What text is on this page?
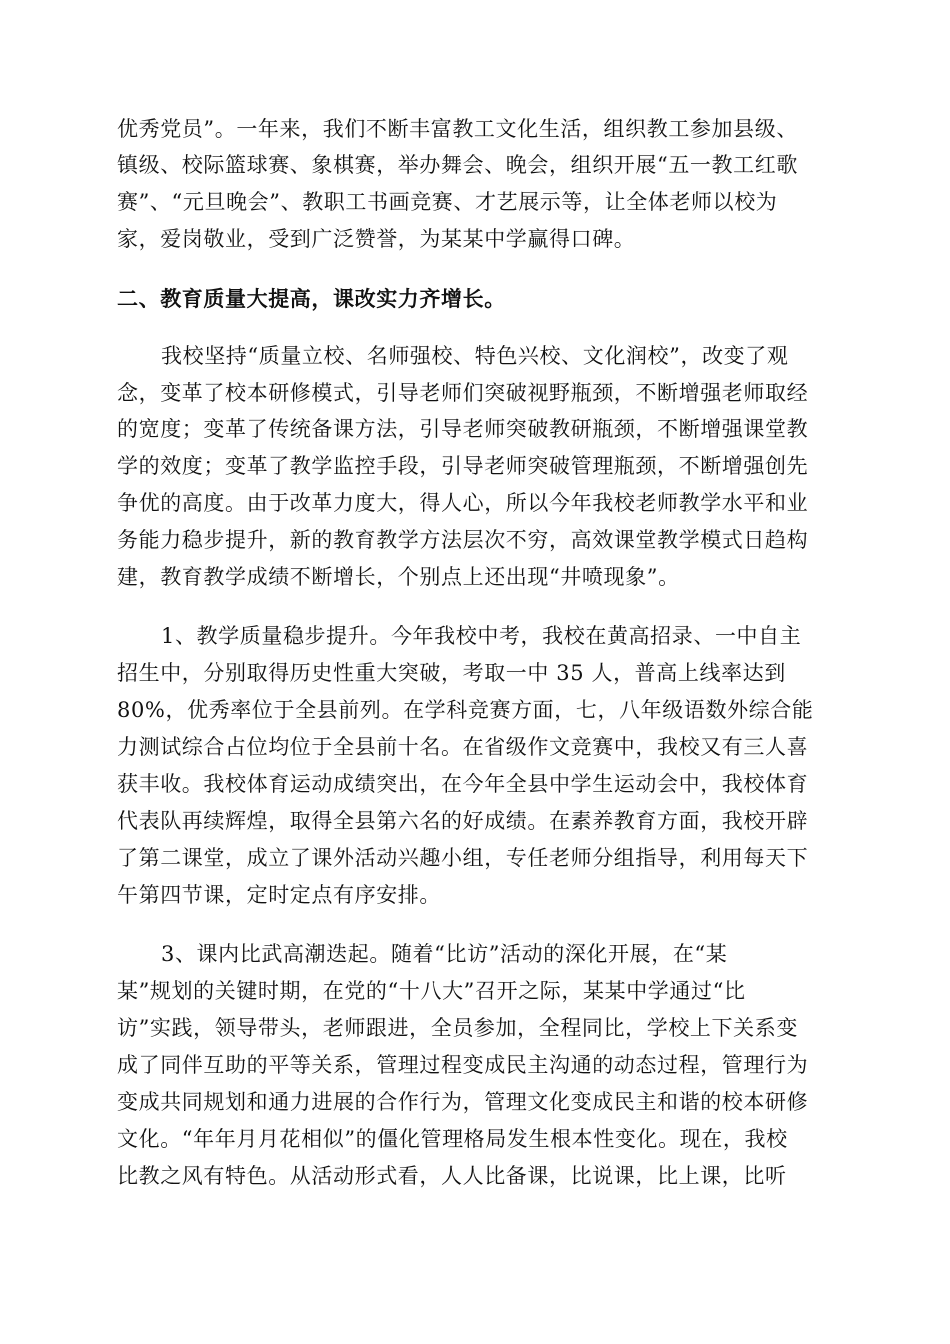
优秀党员”。一年来，我们不断丰富教工文化生活，组织教工参加县级、
镇级、校际篮球赛、象棋赛，举办舞会、晚会，组织开展“五一教工红歌
赛”、“元旦晚会”、教职工书画竞赛、才艺展示等，让全体老师以校为
家，爱岗敬业，受到广泛赞誉，为某某中学赢得口碑。
二、教育质量大提高，课改实力齐增长。
我校坚持“质量立校、名师强校、特色兴校、文化润校”，改变了观
念，变革了校本研修模式，引导老师们突破视野瓶颈，不断增强老师取经
的宽度；变革了传统备课方法，引导老师突破教研瓶颈，不断增强课堂教
学的效度；变革了教学监控手段，引导老师突破管理瓶颈，不断增强创先
争优的高度。由于改革力度大，得人心，所以今年我校老师教学水平和业
务能力稳步提升，新的教育教学方法层次不穷，高效课堂教学模式日趋构
建，教育教学成绩不断增长，个别点上还出现“井喷现象”。
1、教学质量稳步提升。今年我校中考，我校在黄高招录、一中自主
招生中，分别取得历史性重大突破，考取一中 35 人，普高上线率达到
80%，优秀率位于全县前列。在学科竞赛方面，七，八年级语数外综合能
力测试综合占位均位于全县前十名。在省级作文竞赛中，我校又有三人喜
获丰收。我校体育运动成绩突出，在今年全县中学生运动会中，我校体育
代表队再续辉煌，取得全县第六名的好成绩。在素养教育方面，我校开辟
了第二课堂，成立了课外活动兴趣小组，专任老师分组指导，利用每天下
午第四节课，定时定点有序安排。
3、课内比武高潮迭起。随着“比访”活动的深化开展，在“某
某”规划的关键时期，在党的“十八大”召开之际，某某中学通过“比
访”实践，领导带头，老师跟进，全员参加，全程同比，学校上下关系变
成了同伴互助的平等关系，管理过程变成民主沟通的动态过程，管理行为
变成共同规划和通力进展的合作行为，管理文化变成民主和谐的校本研修
文化。“年年月月花相似”的僵化管理格局发生根本性变化。现在，我校
比教之风有特色。从活动形式看，人人比备课，比说课，比上课，比听
